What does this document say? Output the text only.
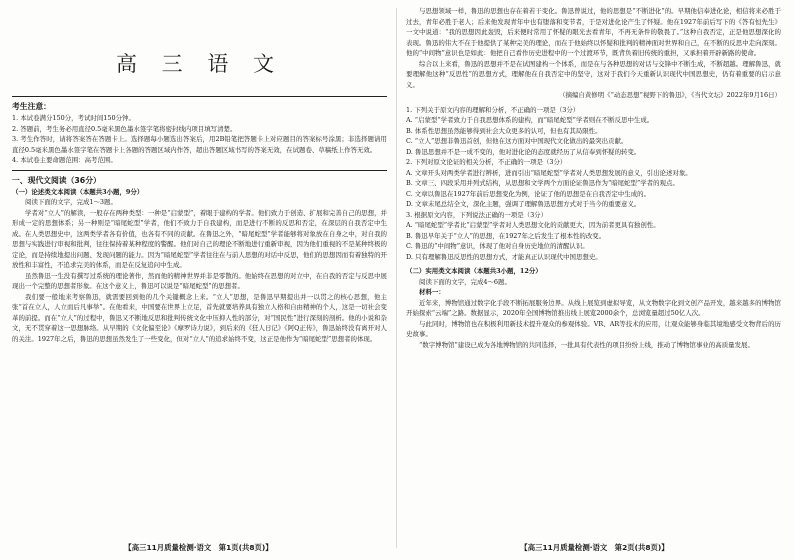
高 三 语 文
考生注意：

1. 本试卷满分150分，考试时间150分钟。

2. 答题前，考生务必用直径0.5毫米黑色墨水签字笔将密封线内项目填写清楚。

3. 考生作答时，请将答案答在答题卡上。选择题每小题选出答案后，用2B铅笔把答题卡上对应题目的答案标号涂黑；非选择题请用直径0.5毫米黑色墨水签字笔在答题卡上各题的答题区域内作答，超出答题区域书写的答案无效，在试题卷、草稿纸上作答无效。

4. 本试卷主要命题范围：高考范围。

一、现代文阅读（36分）

（一）论述类文本阅读（本题共3小题，9分）

阅读下面的文字，完成1～3题。

学者对“立人”的解读，一般存在两种类型：一种是“启蒙型”，着眼于建构的学者。他们致力于创造、扩展和完善自己的思想，并形成一定的思想体系；另一种则是“暗尾蛇型”学者，他们不致力于自我建构，而是进行不断的反思和否定，在深层的自我否定中生成。在人类思想史中，这两类学者各有价值，也各有不同的贡献。在鲁迅之外，“暗尾蛇型”学者能够将对象放在自身之中，对自我的思想与实践进行审视和批判，往往保持着某种程度的警醒。他们对自己的理论不断地进行重新审视，因为他们重视的不是某种终极的定论，而是持续地提出问题、发现问题的能力。因为“暗尾蛇型”学者往往在与前人思想的对话中反思，他们的思想因而有着独特的开放性和丰富性，不追求完美的体系，而是在反复追问中生成。

虽然鲁迅一生没有撰写过系统的理论著作，然而他的精神世界并非是零散的。他始终在思想的对立中，在自我的否定与反思中展现出一个完整的思想者形象。在这个意义上，鲁迅可以说是“暗尾蛇型”的思想者。

我们要一般地来考察鲁迅，就需要回到他的几个关键概念上来。“立人”思想，是鲁迅早期提出并一以贯之的核心思想，他主张“首在立人，人立而后凡事举”。在他看来，中国要在世界上立足，首先就要培养具有独立人格和自由精神的个人，这是一切社会变革的前提。而在“立人”的过程中，鲁迅又不断地反思和批判传统文化中压抑人性的部分，对“国民性”进行深刻的剖析。他的小说和杂文，无不贯穿着这一思想脉络。从早期的《文化偏至论》《摩罗诗力说》，到后来的《狂人日记》《阿Q正传》，鲁迅始终没有离开对人的关注。1927年之后，鲁迅的思想虽然发生了一些变化，但对“立人”的追求始终不变，这正是他作为“暗尾蛇型”思想者的体现。

【高三11月质量检测·语文　第1页(共8页)】

与思想领域一样，鲁迅的思想也存在着若干变化。鲁迅曾说过，他的思想是“不断进化”的。早期他信奉进化论，相信将来必胜于过去，青年必胜于老人；后来他发现青年中也有堕落和变节者，于是对进化论产生了怀疑。他在1927年前后写下的《答有恒先生》一文中说道：“我的思想因此轰毁，后来便时常用了怀疑的眼光去看青年，不再无条件的敬畏了。”这种自我否定，正是他思想深化的表现。鲁迅的伟大不在于他提供了某种完美的理论，而在于他始终以怀疑和批判的精神面对世界和自己，在不断的反思中走向深刻。他的“中间物”意识也是如此：他把自己看作历史进程中的一个过渡环节，既背负着旧传统的重担，又承担着开辟新路的使命。

综合以上来看，鲁迅的思想并不是在试图建构一个体系，而是在与各种思想的对话与交锋中不断生成，不断超越。理解鲁迅，就要理解他这种“反思性”的思想方式，理解他在自我否定中的坚守，这对于我们今天重新认识现代中国思想史，仍有着重要的启示意义。

（摘编自黄修明《“动态思想”视野下的鲁迅》，《当代文坛》2022年9月16日）

1. 下列关于原文内容的理解和分析，不正确的一项是（3分）

A. “启蒙型”学者致力于自我思想体系的建构，而“暗尾蛇型”学者则在不断反思中生成。

B. 体系性思想虽然能够得到社会大众更多的认可，但也有其局限性。

C. “立人”思想非鲁迅首创，但他在这方面对中国现代文化做出的最突出贡献。

D. 鲁迅思想并不是一成不变的，他对进化论的态度就经历了从信奉到怀疑的转变。

2. 下列对原文论证的相关分析，不正确的一项是（3分）

A. 文章开头对两类学者进行辨析，进而引出“暗尾蛇型”学者对人类思想发展的意义，引出论述对象。

B. 文章三、四段采用并列式结构，从思想和文学两个方面论证鲁迅作为“暗尾蛇型”学者的观点。

C. 文章以鲁迅在1927年前后思想变化为例，论证了他的思想是在自我否定中生成的。

D. 文章末尾总结全文，深化主题，强调了理解鲁迅思想方式对于当今的重要意义。

3. 根据原文内容，下列说法正确的一项是（3分）

A. “暗尾蛇型”学者比“启蒙型”学者对人类思想文化的贡献更大，因为前者更具有独创性。

B. 鲁迅早年关于“立人”的思想，在1927年之后发生了根本性的改变。

C. 鲁迅的“中间物”意识，体现了他对自身历史地位的清醒认识。

D. 只有理解鲁迅反思性的思想方式，才能真正认识现代中国思想史。

（二）实用类文本阅读（本题共3小题，12分）

阅读下面的文字，完成4～6题。

材料一：

近年来，博物馆通过数字化手段不断拓展服务边界。从线上展览到虚拟导览，从文物数字化到文创产品开发，越来越多的博物馆开始探索“云端”之路。数据显示，2020年全国博物馆推出线上展览2000余个，总浏览量超过50亿人次。

与此同时，博物馆也在积极利用新技术提升观众的参观体验。VR、AR等技术的应用，让观众能够身临其境地感受文物背后的历史故事。

“数字博物馆”建设已成为各地博物馆的共同选择，一批具有代表性的项目纷纷上线，推动了博物馆事业的高质量发展。

【高三11月质量检测·语文　第2页(共8页)】
